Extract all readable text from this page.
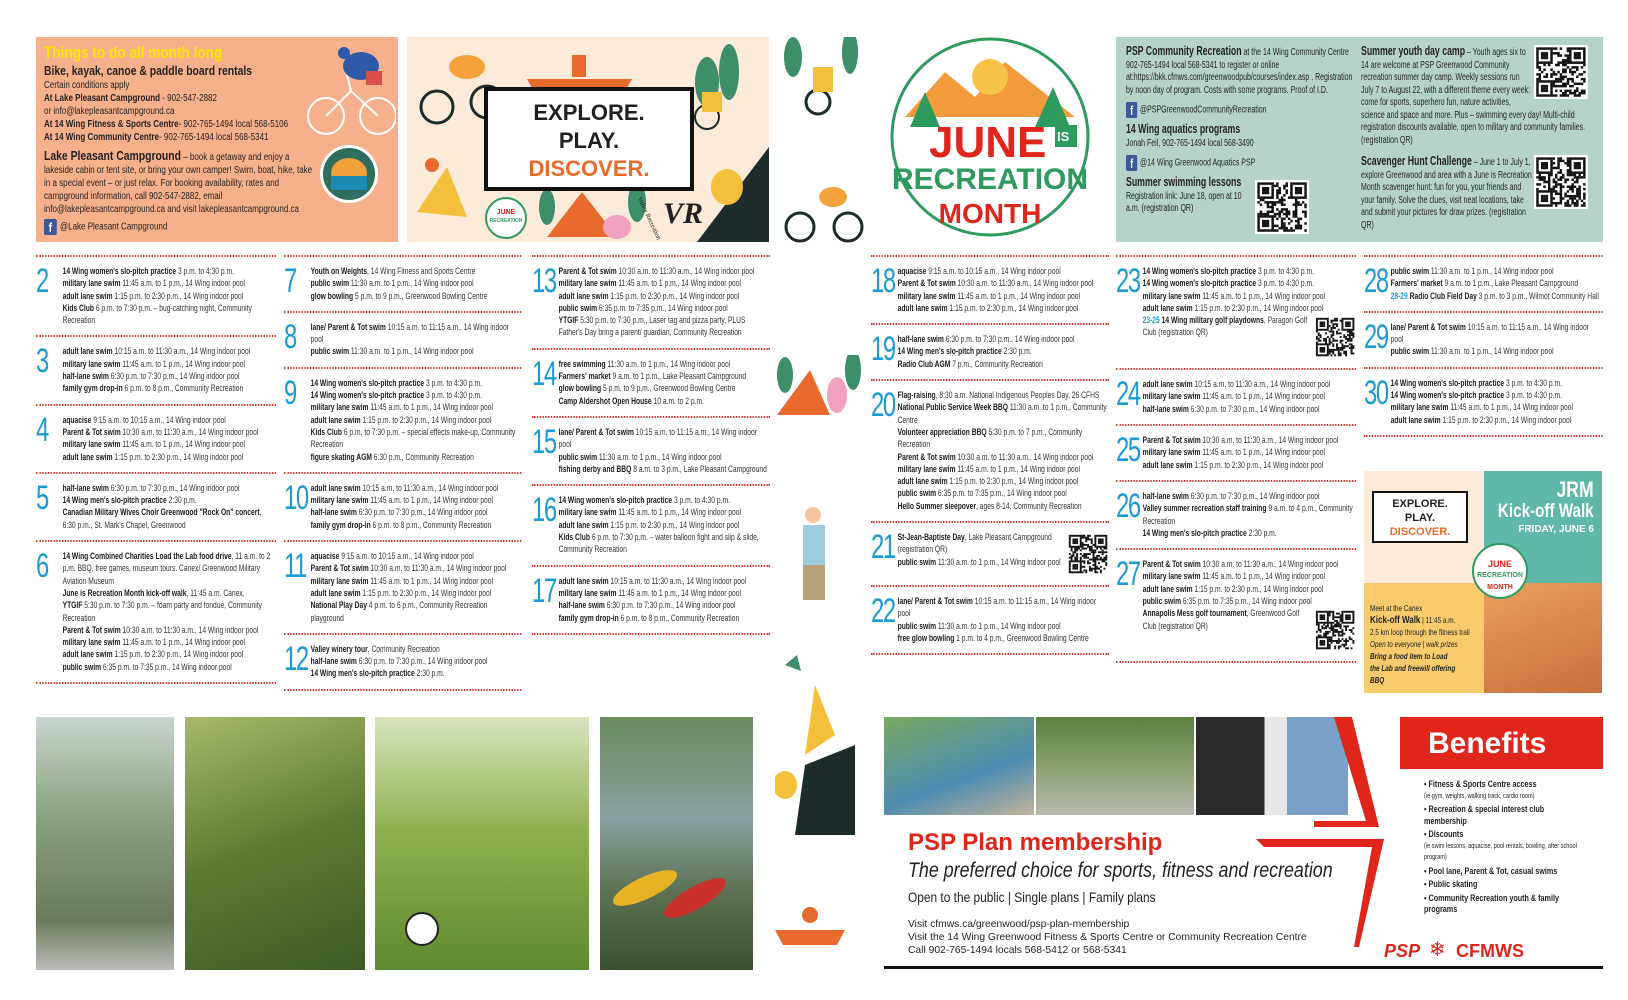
Things to do all month long
Bike, kayak, canoe & paddle board rentals

Certain conditions apply

At Lake Pleasant Campground - 902-547-2882

or info@lakepleasantcampground.ca

At 14 Wing Fitness & Sports Centre- 902-765-1494 local 568-5106

At 14 Wing Community Centre- 902-765-1494 local 568-5341

Lake Pleasant Campground – book a getaway and enjoy a lakeside cabin or tent site, or bring your own camper! Swim, boat, hike, take in a special event – or just relax. For booking availability, rates and campground information, call 902-547-2882, email info@lakepleasantcampground.ca and visit lakepleasantcampground.ca

f @Lake Pleasant Campground

EXPLORE.
PLAY.
DISCOVER.
JUNE
RECREATION	Valley Recreation VR
JUNE IS
RECREATION
MONTH

PSP Community Recreation at the 14 Wing Community Centre 902-765-1494 local 568-5341 to register or online at:https://bkk.cfmws.com/greenwoodpub/courses/index.asp . Registration by noon day of program. Costs with some programs. Proof of I.D.

f @PSPGreenwoodCommunityRecreation

14 Wing aquatics programs

Jonah Feil, 902-765-1494 local 568-3490

f @14 Wing Greenwood Aquatics PSP

Summer swimming lessons

Registration link: June 18, open at 10 a.m. (registration QR)

Summer youth day camp – Youth ages six to 14 are welcome at PSP Greenwood Community recreation summer day camp. Weekly sessions run July 7 to August 22, with a different theme every week: come for sports, superhero fun, nature activities, science and space and more. Plus – swimming every day! Multi-child registration discounts available, open to military and community families. (registration QR)

Scavenger Hunt Challenge – June 1 to July 1, explore Greenwood and area with a June is Recreation Month scavenger hunt: fun for you, your friends and your family. Solve the clues, visit neat locations, take and submit your pictures for draw prizes. (registration QR)

2	14 Wing women's slo-pitch practice 3 p.m. to 4:30 p.m.
military lane swim 11:45 a.m. to 1 p.m., 14 Wing indoor pool
adult lane swim 1:15 p.m. to 2:30 p.m., 14 Wing indoor pool
Kids Club 6 p.m. to 7:30 p.m. – bug-catching night, Community Recreation
3	adult lane swim 10:15 a.m. to 11:30 a.m., 14 Wing indoor pool
military lane swim 11:45 a.m. to 1 p.m., 14 Wing indoor pool
half-lane swim 6:30 p.m. to 7:30 p.m., 14 Wing indoor pool
family gym drop-in 6 p.m. to 8 p.m., Community Recreation
4	aquacise 9:15 a.m. to 10:15 a.m., 14 Wing indoor pool
Parent & Tot swim 10:30 a.m. to 11:30 a.m., 14 Wing indoor pool
military lane swim 11:45 a.m. to 1 p.m., 14 Wing indoor pool
adult lane swim 1:15 p.m. to 2:30 p.m., 14 Wing indoor pool
5	half-lane swim 6:30 p.m. to 7:30 p.m., 14 Wing indoor pool
14 Wing men's slo-pitch practice 2:30 p.m.
Canadian Military Wives Choir Greenwood "Rock On" concert, 6:30 p.m., St. Mark's Chapel, Greenwood
6	14 Wing Combined Charities Load the Lab food drive, 11 a.m. to 2 p.m. BBQ, free games, museum tours. Canex/ Greenwood Military Aviation Museum
June is Recreation Month kick-off walk, 11:45 a.m. Canex.
YTGIF 5:30 p.m. to 7:30 p.m. – foam party and fondue, Community Recreation
Parent & Tot swim 10:30 a.m. to 11:30 a.m., 14 Wing indoor pool
military lane swim 11:45 a.m. to 1 p.m., 14 Wing indoor pool
adult lane swim 1:15 p.m. to 2:30 p.m., 14 Wing indoor pool
public swim 6:35 p.m. to 7:35 p.m., 14 Wing indoor pool
7	Youth on Weights, 14 Wing Fitness and Sports Centre
public swim 11:30 a.m. to 1 p.m., 14 Wing indoor pool
glow bowling 5 p.m. to 9 p.m., Greenwood Bowling Centre
8	lane/ Parent & Tot swim 10:15 a.m. to 11:15 a.m., 14 Wing indoor pool
public swim 11:30 a.m. to 1 p.m., 14 Wing indoor pool
9	14 Wing women's slo-pitch practice 3 p.m. to 4:30 p.m.
14 Wing women's slo-pitch practice 3 p.m. to 4:30 p.m.
military lane swim 11:45 a.m. to 1 p.m., 14 Wing indoor pool
adult lane swim 1:15 p.m. to 2:30 p.m., 14 Wing indoor pool
Kids Club 6 p.m. to 7:30 p.m. – special effects make-up, Community Recreation
figure skating AGM 6:30 p.m., Community Recreation
10 adult lane swim 10:15 a.m. to 11:30 a.m., 14 Wing indoor pool
military lane swim 11:45 a.m. to 1 p.m., 14 Wing indoor pool
half-lane swim 6:30 p.m. to 7:30 p.m., 14 Wing indoor pool
family gym drop-in 6 p.m. to 8 p.m., Community Recreation
11 aquacise 9:15 a.m. to 10:15 a.m., 14 Wing indoor pool
Parent & Tot swim 10:30 a.m. to 11:30 a.m., 14 Wing indoor pool
military lane swim 11:45 a.m. to 1 p.m., 14 Wing indoor pool
adult lane swim 1:15 p.m. to 2:30 p.m., 14 Wing indoor pool
National Play Day 4 p.m. to 6 p.m., Community Recreation playground
12 Valley winery tour, Community Recreation
half-lane swim 6:30 p.m. to 7:30 p.m., 14 Wing indoor pool
14 Wing men's slo-pitch practice 2:30 p.m.
13 Parent & Tot swim 10:30 a.m. to 11:30 a.m., 14 Wing indoor pool
military lane swim 11:45 a.m. to 1 p.m., 14 Wing indoor pool
adult lane swim 1:15 p.m. to 2:30 p.m., 14 Wing indoor pool
public swim 6:35 p.m. to 7:35 p.m., 14 Wing indoor pool
YTGIF 5:30 p.m. to 7:30 p.m., Laser tag and pizza party, PLUS Father's Day bring a parent/ guardian, Community Recreation
14 free swimming 11:30 a.m. to 1 p.m., 14 Wing indoor pool
Farmers' market 9 a.m. to 1 p.m., Lake Pleasant Campground
glow bowling 5 p.m. to 9 p.m., Greenwood Bowling Centre
Camp Aldershot Open House 10 a.m. to 2 p.m.
15 lane/ Parent & Tot swim 10:15 a.m. to 11:15 a.m., 14 Wing indoor pool
public swim 11:30 a.m. to 1 p.m., 14 Wing indoor pool
fishing derby and BBQ 8 a.m. to 3 p.m., Lake Pleasant Campground
16 14 Wing women's slo-pitch practice 3 p.m. to 4:30 p.m.
military lane swim 11:45 a.m. to 1 p.m., 14 Wing indoor pool
adult lane swim 1:15 p.m. to 2:30 p.m., 14 Wing indoor pool
Kids Club 6 p.m. to 7:30 p.m. – water balloon fight and slip & slide, Community Recreation
17 adult lane swim 10:15 a.m. to 11:30 a.m., 14 Wing indoor pool
military lane swim 11:45 a.m. to 1 p.m., 14 Wing indoor pool
half-lane swim 6:30 p.m. to 7:30 p.m., 14 Wing indoor pool
family gym drop-in 6 p.m. to 8 p.m., Community Recreation
18 aquacise 9:15 a.m. to 10:15 a.m., 14 Wing indoor pool
Parent & Tot swim 10:30 a.m. to 11:30 a.m., 14 Wing indoor pool
military lane swim 11:45 a.m. to 1 p.m., 14 Wing indoor pool
adult lane swim 1:15 p.m. to 2:30 p.m., 14 Wing indoor pool
19 half-lane swim 6:30 p.m. to 7:30 p.m., 14 Wing indoor pool
14 Wing men's slo-pitch practice 2:30 p.m.
Radio Club AGM 7 p.m., Community Recreation
20 Flag-raising, 8:30 a.m. National Indigenous Peoples Day, 26 CFHS
National Public Service Week BBQ 11:30 a.m. to 1 p.m., Community Centre
Volunteer appreciation BBQ 5:30 p.m. to 7 p.m., Community Recreation
Parent & Tot swim 10:30 a.m. to 11:30 a.m., 14 Wing indoor pool
military lane swim 11:45 a.m. to 1 p.m., 14 Wing indoor pool
adult lane swim 1:15 p.m. to 2:30 p.m., 14 Wing indoor pool
public swim 6:35 p.m. to 7:35 p.m., 14 Wing indoor pool
Hello Summer sleepover, ages 8-14, Community Recreation
21 St-Jean-Baptiste Day, Lake Pleasant Campground (registration QR)
public swim 11:30 a.m. to 1 p.m., 14 Wing indoor pool
22 lane/ Parent & Tot swim 10:15 a.m. to 11:15 a.m., 14 Wing indoor pool
public swim 11:30 a.m. to 1 p.m., 14 Wing indoor pool
free glow bowling 1 p.m. to 4 p.m., Greenwood Bowling Centre
23 14 Wing women's slo-pitch practice 3 p.m. to 4:30 p.m.
14 Wing women's slo-pitch practice 3 p.m. to 4:30 p.m.
military lane swim 11:45 a.m. to 1 p.m., 14 Wing indoor pool
adult lane swim 1:15 p.m. to 2:30 p.m., 14 Wing indoor pool
23-25 14 Wing military golf playdowns, Paragon Golf Club (registration QR)
24 adult lane swim 10:15 a.m. to 11:30 a.m., 14 Wing indoor pool
military lane swim 11:45 a.m. to 1 p.m., 14 Wing indoor pool
half-lane swim 6:30 p.m. to 7:30 p.m., 14 Wing indoor pool
25 Parent & Tot swim 10:30 a.m. to 11:30 a.m., 14 Wing indoor pool
military lane swim 11:45 a.m. to 1 p.m., 14 Wing indoor pool
adult lane swim 1:15 p.m. to 2:30 p.m., 14 Wing indoor pool
26 half-lane swim 6:30 p.m. to 7:30 p.m., 14 Wing indoor pool
Valley summer recreation staff training 9 a.m. to 4 p.m., Community Recreation
14 Wing men's slo-pitch practice 2:30 p.m.
27 Parent & Tot swim 10:30 a.m. to 11:30 a.m., 14 Wing indoor pool
military lane swim 11:45 a.m. to 1 p.m., 14 Wing indoor pool
adult lane swim 1:15 p.m. to 2:30 p.m., 14 Wing indoor pool
public swim 6:35 p.m. to 7:35 p.m., 14 Wing indoor pool
Annapolis Mess golf tournament, Greenwood Golf Club (registration QR)
28 public swim 11:30 a.m. to 1 p.m., 14 Wing indoor pool
Farmers' market 9 a.m. to 1 p.m., Lake Pleasant Campground
28-29 Radio Club Field Day 3 p.m. to 3 p.m., Wilmot Community Hall
29 lane/ Parent & Tot swim 10:15 a.m. to 11:15 a.m., 14 Wing indoor pool
public swim 11:30 a.m. to 1 p.m., 14 Wing indoor pool
30 14 Wing women's slo-pitch practice 3 p.m. to 4:30 p.m.
14 Wing women's slo-pitch practice 3 p.m. to 4:30 p.m.
military lane swim 11:45 a.m. to 1 p.m., 14 Wing indoor pool
adult lane swim 1:15 p.m. to 2:30 p.m., 14 Wing indoor pool
EXPLORE.
PLAY.
DISCOVER.
JUNE
RECREATION
MONTH
JRM
Kick-off Walk
FRIDAY, JUNE 6
Meet at the Canex
Kick-off Walk | 11:45 a.m.
2.5 km loop through the fitness trail
Open to everyone | walk prizes
Bring a food item to Load the Lab and freewill offering BBQ
PSP Plan membership
The preferred choice for sports, fitness and recreation
Open to the public | Single plans | Family plans
Visit cfmws.ca/greenwood/psp-plan-membership
Visit the 14 Wing Greenwood Fitness & Sports Centre or Community Recreation Centre
Call 902-765-1494 locals 568-5412 or 568-5341
Benefits
• Fitness & Sports Centre access
(ie gym, weights, walking track, cardio room)
• Recreation & special interest club membership
• Discounts
(ie swim lessons, aquacise, pool rentals, bowling, after school program)
• Pool lane, Parent & Tot, casual swims
• Public skating
• Community Recreation youth & family programs
PSP ❄ CFMWS
